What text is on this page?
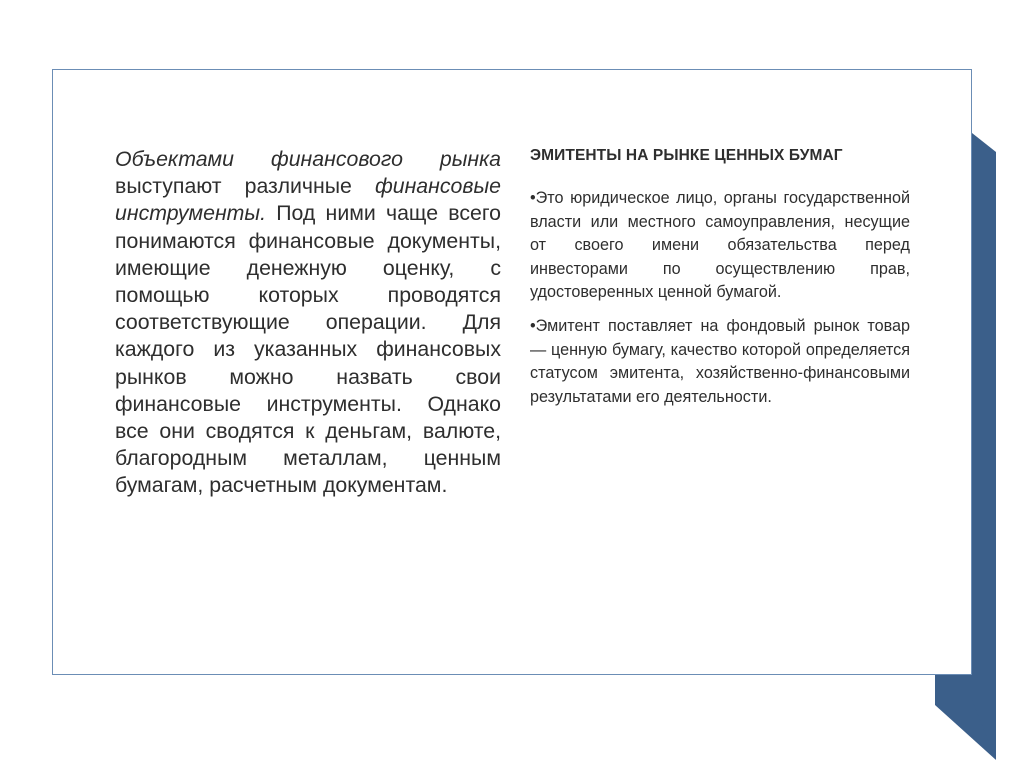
Объектами финансового рынка выступают различные финансовые инструменты. Под ними чаще всего понимаются финансовые документы, имеющие денежную оценку, с помощью которых проводятся соответствующие операции. Для каждого из указанных финансовых рынков можно назвать свои финансовые инструменты. Однако все они сводятся к деньгам, валюте, благородным металлам, ценным бумагам, расчетным документам.
ЭМИТЕНТЫ НА РЫНКЕ ЦЕННЫХ БУМАГ
•Это юридическое лицо, органы государственной власти или местного самоуправления, несущие от своего имени обязательства перед инвесторами по осуществлению прав, удостоверенных ценной бумагой.
•Эмитент поставляет на фондовый рынок товар — ценную бумагу, качество которой определяется статусом эмитента, хозяйственно-финансовыми результатами его деятельности.
